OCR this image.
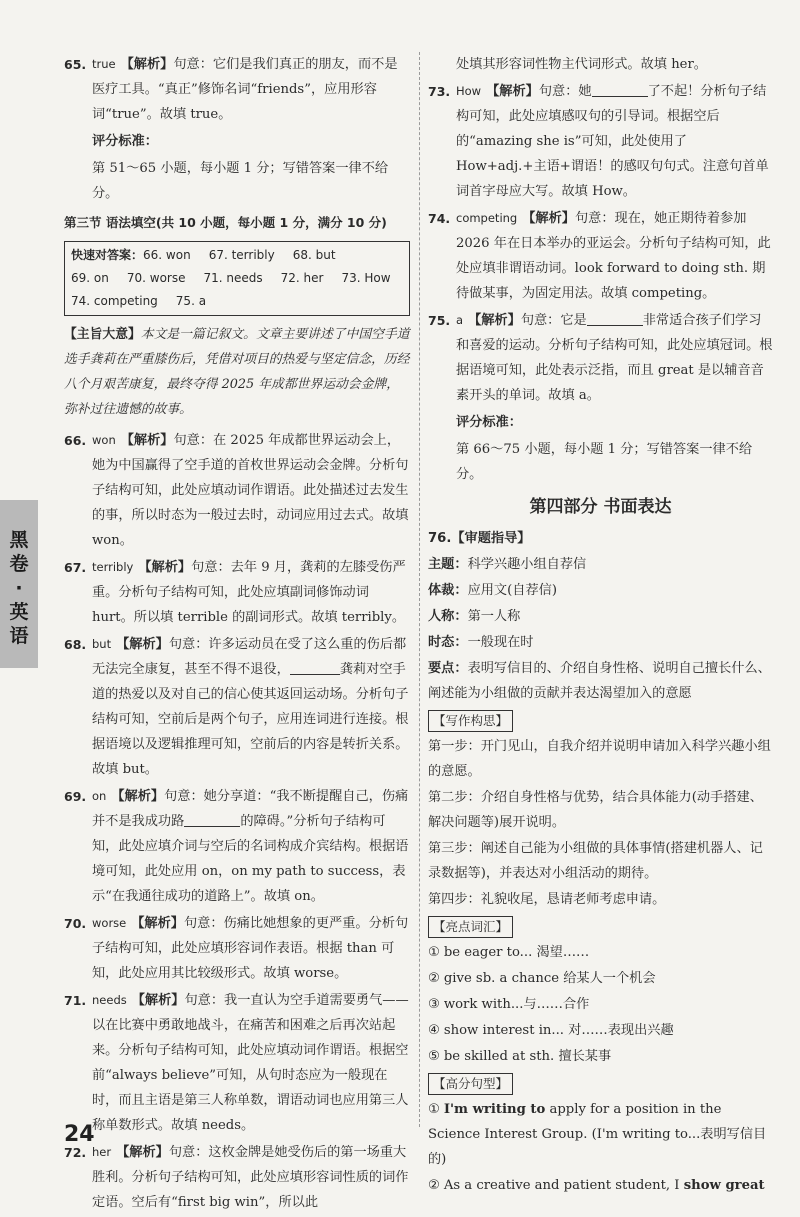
黑
卷
·
英
语
65. true 【解析】句意：它们是我们真正的朋友，而不是医疗工具。“真正”修饰名词“friends”，应用形容词“true”。故填 true。
评分标准：
第 51～65 小题，每小题 1 分；写错答案一律不给分。
第三节 语法填空(共 10 小题，每小题 1 分，满分 10 分)
快速对答案：66. won 67. terribly 68. but
69. on 70. worse 71. needs 72. her 73. How
74. competing 75. a
【主旨大意】本文是一篇记叙文。文章主要讲述了中国空手道选手龚莉在严重膝伤后，凭借对项目的热爱与坚定信念，历经八个月艰苦康复，最终夺得 2025 年成都世界运动会金牌，弥补过往遗憾的故事。
66. won 【解析】句意：在 2025 年成都世界运动会上，她为中国赢得了空手道的首枚世界运动会金牌。分析句子结构可知，此处应填动词作谓语。此处描述过去发生的事，所以时态为一般过去时，动词应用过去式。故填 won。
67. terribly 【解析】句意：去年 9 月，龚莉的左膝受伤严重。分析句子结构可知，此处应填副词修饰动词 hurt。所以填 terrible 的副词形式。故填 terribly。
68. but 【解析】句意：许多运动员在受了这么重的伤后都无法完全康复，甚至不得不退役，	龚莉对空手道的热爱以及对自己的信心使其返回运动场。分析句子结构可知，空前后是两个句子，应用连词进行连接。根据语境以及逻辑推理可知，空前后的内容是转折关系。故填 but。
69. on 【解析】句意：她分享道：“我不断提醒自己，伤痛并不是我成功路	的障碍。”分析句子结构可知，此处应填介词与空后的名词构成介宾结构。根据语境可知，此处应用 on，on my path to success，表示“在我通往成功的道路上”。故填 on。
70. worse 【解析】句意：伤痛比她想象的更严重。分析句子结构可知，此处应填形容词作表语。根据 than 可知，此处应用其比较级形式。故填 worse。
71. needs 【解析】句意：我一直认为空手道需要勇气——以在比赛中勇敢地战斗，在痛苦和困难之后再次站起来。分析句子结构可知，此处应填动词作谓语。根据空前“always believe”可知，从句时态应为一般现在时，而且主语是第三人称单数，谓语动词也应用第三人称单数形式。故填 needs。
72. her 【解析】句意：这枚金牌是她受伤后的第一场重大胜利。分析句子结构可知，此处应填形容词性质的词作定语。空后有“first big win”，所以此
处填其形容词性物主代词形式。故填 her。
73. How 【解析】句意：她	了不起！分析句子结构可知，此处应填感叹句的引导词。根据空后的“amazing she is”可知，此处使用了 How+adj.+主语+谓语！的感叹句句式。注意句首单词首字母应大写。故填 How。
74. competing 【解析】句意：现在，她正期待着参加 2026 年在日本举办的亚运会。分析句子结构可知，此处应填非谓语动词。look forward to doing sth. 期待做某事，为固定用法。故填 competing。
75. a 【解析】句意：它是	非常适合孩子们学习和喜爱的运动。分析句子结构可知，此处应填冠词。根据语境可知，此处表示泛指，而且 great 是以辅音音素开头的单词。故填 a。
评分标准：
第 66～75 小题，每小题 1 分；写错答案一律不给分。
第四部分 书面表达
76.【审题指导】
主题：科学兴趣小组自荐信
体裁：应用文(自荐信)
人称：第一人称
时态：一般现在时
要点：表明写信目的、介绍自身性格、说明自己擅长什么、阐述能为小组做的贡献并表达渴望加入的意愿
【写作构思】
第一步：开门见山，自我介绍并说明申请加入科学兴趣小组的意愿。
第二步：介绍自身性格与优势，结合具体能力(动手搭建、解决问题等)展开说明。
第三步：阐述自己能为小组做的具体事情(搭建机器人、记录数据等)，并表达对小组活动的期待。
第四步：礼貌收尾，恳请老师考虑申请。
【亮点词汇】
① be eager to... 渴望……
② give sb. a chance 给某人一个机会
③ work with...与……合作
④ show interest in... 对……表现出兴趣
⑤ be skilled at sth. 擅长某事
【高分句型】
① I'm writing to apply for a position in the Science Interest Group. (I'm writing to...表明写信目的)
② As a creative and patient student, I show great
24
